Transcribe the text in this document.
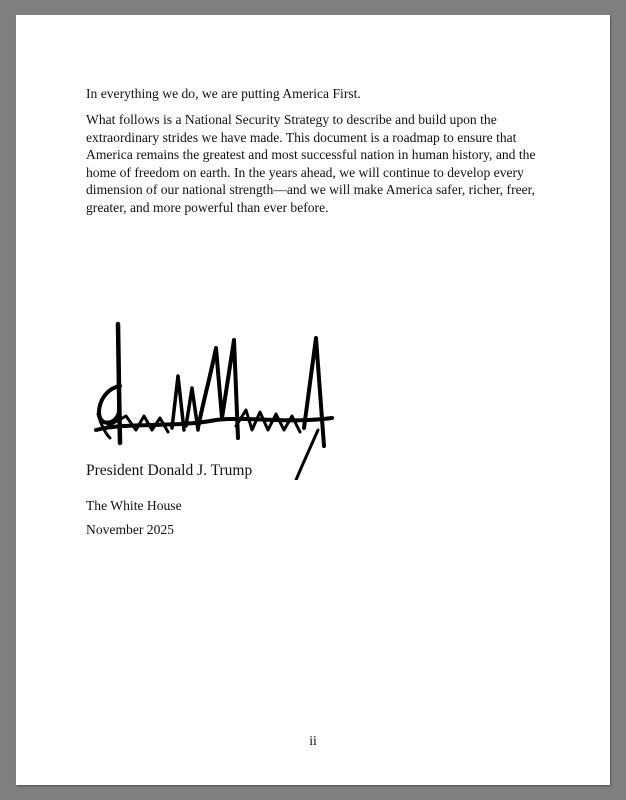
In everything we do, we are putting America First.

What follows is a National Security Strategy to describe and build upon the extraordinary strides we have made. This document is a roadmap to ensure that America remains the greatest and most successful nation in human history, and the home of freedom on earth. In the years ahead, we will continue to develop every dimension of our national strength—and we will make America safer, richer, freer, greater, and more powerful than ever before.

President Donald J. Trump
The White House
November 2025
ii
